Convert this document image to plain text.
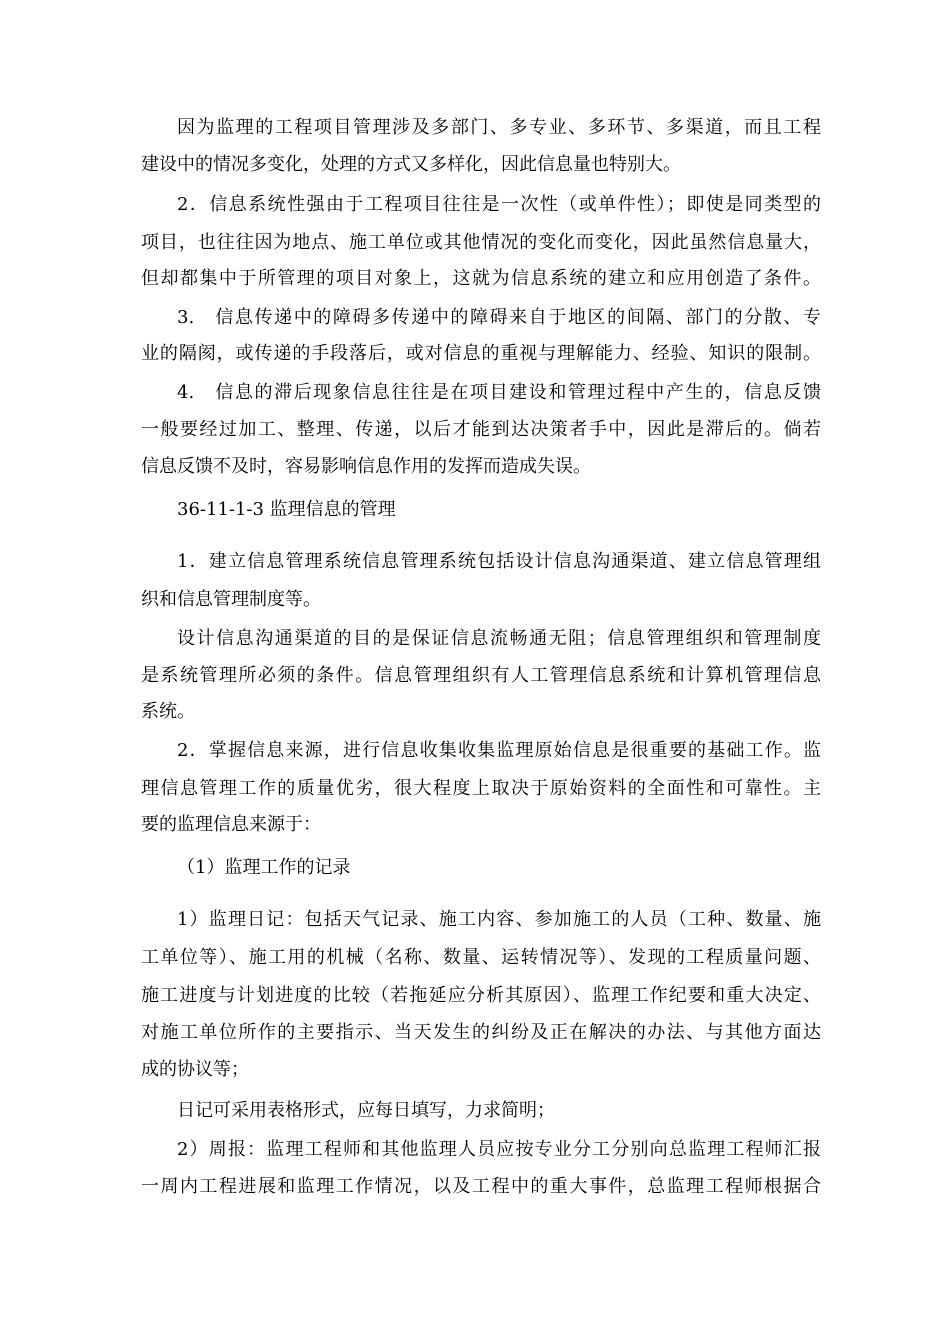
因为监理的工程项目管理涉及多部门、多专业、多环节、多渠道，而且工程
建设中的情况多变化，处理的方式又多样化，因此信息量也特别大。
2．信息系统性强由于工程项目往往是一次性（或单件性）；即使是同类型的
项目，也往往因为地点、施工单位或其他情况的变化而变化，因此虽然信息量大，
但却都集中于所管理的项目对象上，这就为信息系统的建立和应用创造了条件。
3.　信息传递中的障碍多传递中的障碍来自于地区的间隔、部门的分散、专
业的隔阂，或传递的手段落后，或对信息的重视与理解能力、经验、知识的限制。
4.　信息的滞后现象信息往往是在项目建设和管理过程中产生的，信息反馈
一般要经过加工、整理、传递，以后才能到达决策者手中，因此是滞后的。倘若
信息反馈不及时，容易影响信息作用的发挥而造成失误。
36-11-1-3 监理信息的管理
1．建立信息管理系统信息管理系统包括设计信息沟通渠道、建立信息管理组
织和信息管理制度等。
设计信息沟通渠道的目的是保证信息流畅通无阻；信息管理组织和管理制度
是系统管理所必须的条件。信息管理组织有人工管理信息系统和计算机管理信息
系统。
2．掌握信息来源，进行信息收集收集监理原始信息是很重要的基础工作。监
理信息管理工作的质量优劣，很大程度上取决于原始资料的全面性和可靠性。主
要的监理信息来源于：
（1）监理工作的记录
1）监理日记：包括天气记录、施工内容、参加施工的人员（工种、数量、施
工单位等）、施工用的机械（名称、数量、运转情况等）、发现的工程质量问题、
施工进度与计划进度的比较（若拖延应分析其原因）、监理工作纪要和重大决定、
对施工单位所作的主要指示、当天发生的纠纷及正在解决的办法、与其他方面达
成的协议等；
日记可采用表格形式，应每日填写，力求简明；
2）周报：监理工程师和其他监理人员应按专业分工分别向总监理工程师汇报
一周内工程进展和监理工作情况，以及工程中的重大事件，总监理工程师根据合
